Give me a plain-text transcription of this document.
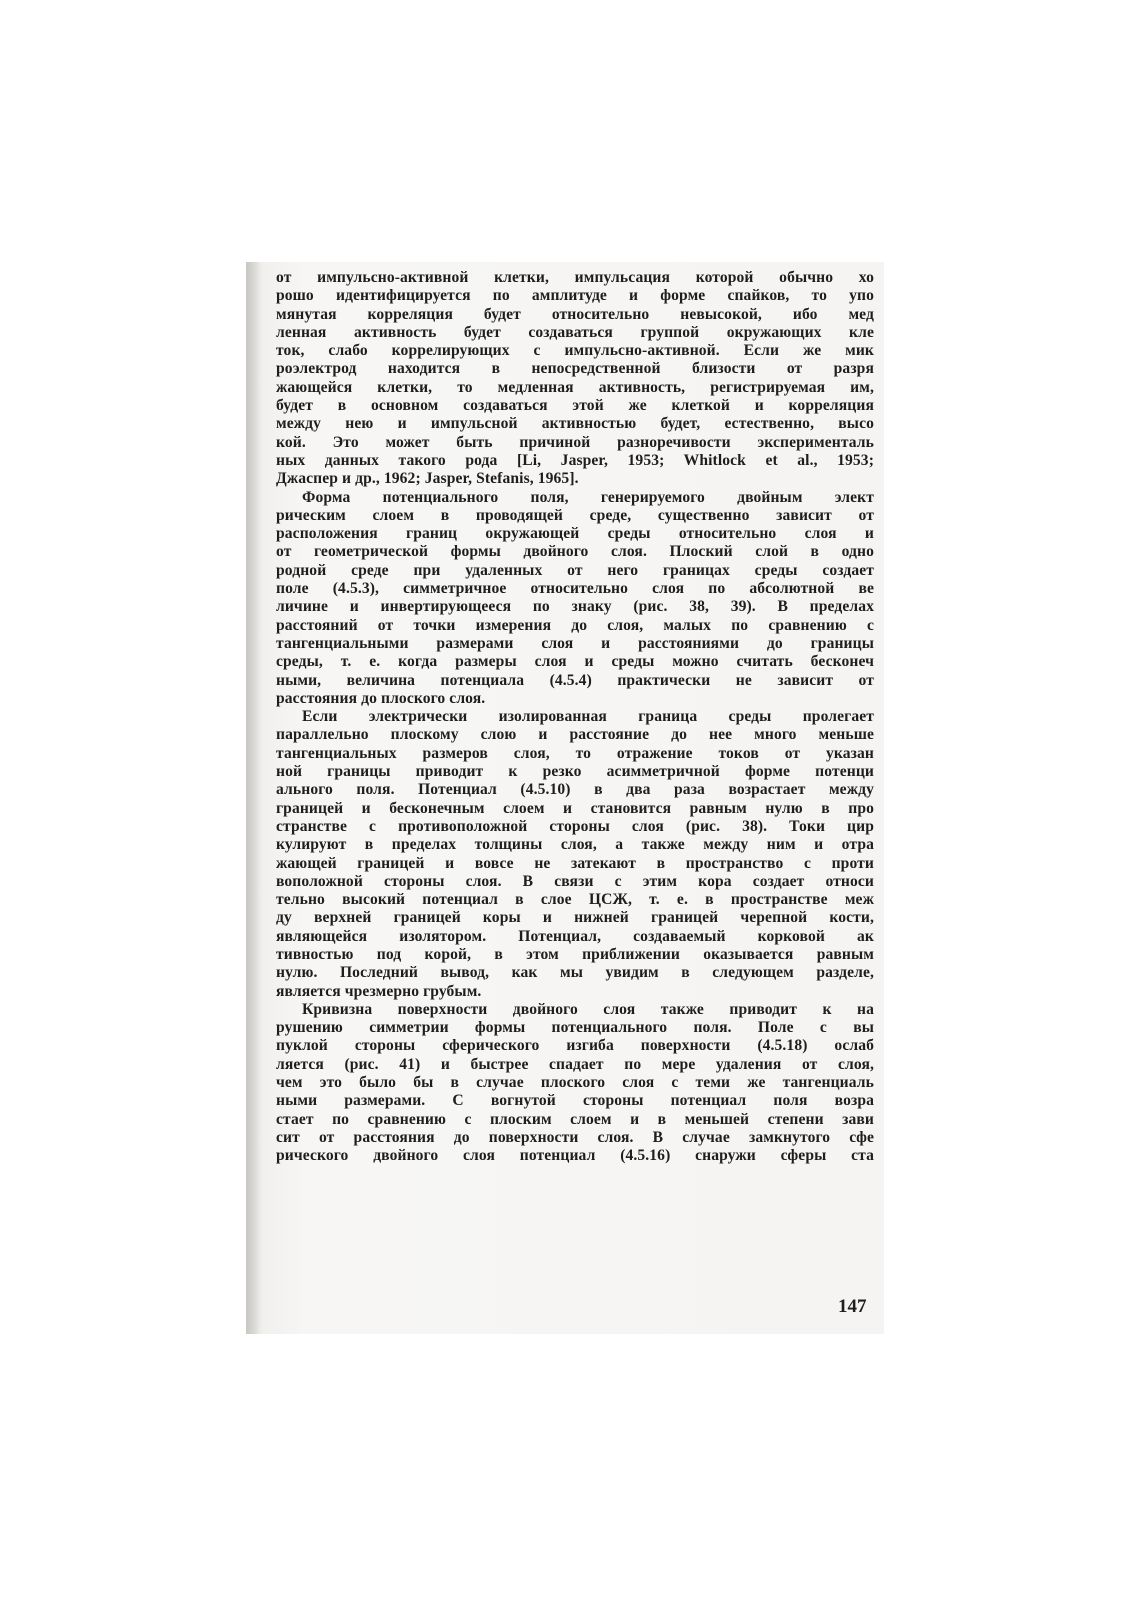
от импульсно-активной клетки, импульсация которой обычно хо
рошо идентифицируется по амплитуде и форме спайков, то упо
мянутая корреляция будет относительно невысокой, ибо мед
ленная активность будет создаваться группой окружающих кле
ток, слабо коррелирующих с импульсно-активной. Если же мик
роэлектрод находится в непосредственной близости от разря
жающейся клетки, то медленная активность, регистрируемая им,
будет в основном создаваться этой же клеткой и корреляция
между нею и импульсной активностью будет, естественно, высо
кой. Это может быть причиной разноречивости эксперименталь
ных данных такого рода [Li, Jasper, 1953; Whitlock et al., 1953;
Джаспер и др., 1962; Jasper, Stefanis, 1965].
Форма потенциального поля, генерируемого двойным элект
рическим слоем в проводящей среде, существенно зависит от
расположения границ окружающей среды относительно слоя и
от геометрической формы двойного слоя. Плоский слой в одно
родной среде при удаленных от него границах среды создает
поле (4.5.3), симметричное относительно слоя по абсолютной ве
личине и инвертирующееся по знаку (рис. 38, 39). В пределах
расстояний от точки измерения до слоя, малых по сравнению с
тангенциальными размерами слоя и расстояниями до границы
среды, т. е. когда размеры слоя и среды можно считать бесконеч
ными, величина потенциала (4.5.4) практически не зависит от
расстояния до плоского слоя.
Если электрически изолированная граница среды пролегает
параллельно плоскому слою и расстояние до нее много меньше
тангенциальных размеров слоя, то отражение токов от указан
ной границы приводит к резко асимметричной форме потенци
ального поля. Потенциал (4.5.10) в два раза возрастает между
границей и бесконечным слоем и становится равным нулю в про
странстве с противоположной стороны слоя (рис. 38). Токи цир
кулируют в пределах толщины слоя, а также между ним и отра
жающей границей и вовсе не затекают в пространство с проти
воположной стороны слоя. В связи с этим кора создает относи
тельно высокий потенциал в слое ЦСЖ, т. е. в пространстве меж
ду верхней границей коры и нижней границей черепной кости,
являющейся изолятором. Потенциал, создаваемый корковой ак
тивностью под корой, в этом приближении оказывается равным
нулю. Последний вывод, как мы увидим в следующем разделе,
является чрезмерно грубым.
Кривизна поверхности двойного слоя также приводит к на
рушению симметрии формы потенциального поля. Поле с вы
пуклой стороны сферического изгиба поверхности (4.5.18) ослаб
ляется (рис. 41) и быстрее спадает по мере удаления от слоя,
чем это было бы в случае плоского слоя с теми же тангенциаль
ными размерами. С вогнутой стороны потенциал поля возра
стает по сравнению с плоским слоем и в меньшей степени зави
сит от расстояния до поверхности слоя. В случае замкнутого сфе
рического двойного слоя потенциал (4.5.16) снаружи сферы ста
147
